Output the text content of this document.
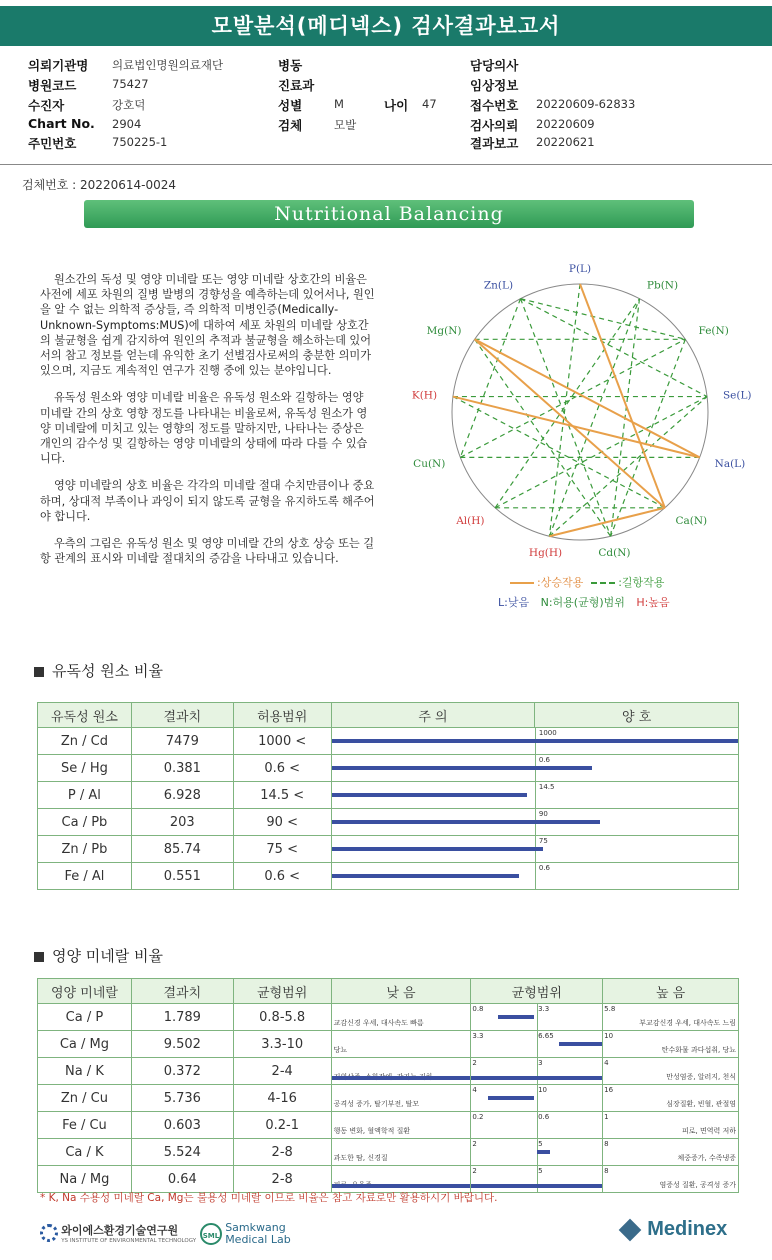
모발분석(메디넥스) 검사결과보고서
의뢰기관명 의료법인명원의료재단
병원코드	75427
수진자	강호덕
Chart No. 2904
주민번호	750225-1
병동
진료과
성별	M	나이 47
검체	모발
담당의사
임상정보
접수번호 20220609-62833
검사의뢰 20220609
결과보고 20220621
검체번호 : 20220614-0024
Nutritional Balancing

원소간의 독성 및 영양 미네랄 또는 영양 미네랄 상호간의 비율은 사전에 세포 차원의 질병 발병의 경향성을 예측하는데 있어서나, 원인을 알 수 없는 의학적 증상들, 즉 의학적 미병인증(Medically-Unknown-Symptoms:MUS)에 대하여 세포 차원의 미네랄 상호간의 불균형을 쉽게 감지하여 원인의 추적과 불균형을 해소하는데 있어서의 참고 정보를 얻는데 유익한 초기 선별검사로써의 충분한 의미가 있으며, 지금도 계속적인 연구가 진행 중에 있는 분야입니다.

유독성 원소와 영양 미네랄 비율은 유독성 원소와 길항하는 영양 미네랄 간의 상호 영향 정도를 나타내는 비율로써, 유독성 원소가 영양 미네랄에 미치고 있는 영향의 정도를 말하지만, 나타나는 증상은 개인의 감수성 및 길항하는 영양 미네랄의 상태에 따라 다를 수 있습니다.

영양 미네랄의 상호 비율은 각각의 미네랄 절대 수치만큼이나 중요하며, 상대적 부족이나 과잉이 되지 않도록 균형을 유지하도록 해주어야 합니다.

우측의 그림은 유독성 원소 및 영양 미네랄 간의 상호 상승 또는 길항 관계의 표시와 미네랄 절대치의 증감을 나타내고 있습니다.

P(L)
Pb(N)
Fe(N)
Se(L)
Na(L)
Ca(N)
Cd(N)
Hg(H)
Al(H)
Cu(N)
K(H)
Mg(N)
Zn(L)
:상승작용	:길항작용
L:낮음 N:허용(균형)범위 H:높음
유독성 원소 비율
유독성 원소	결과치	허용범위	주 의	양 호
Zn / Cd	7479	1000 <	1000	

Se / Hg	0.381	0.6 <	0.6	

P / Al	6.928	14.5 <	14.5	

Ca / Pb	203	90 <	90	

Zn / Pb	85.74	75 <	75	

Fe / Al	0.551	0.6 <	0.6	
영양 미네랄 비율
영양 미네랄	결과치	균형범위	낮 음	균형범위	높 음
Ca / P	1.789	0.8-5.8	교감신경 우세, 대사속도 빠름	0.8 3.3	5.8
부교감신경 우세, 대사속도 느림

Ca / Mg	9.502	3.3-10	당뇨	3.3 6.65	10
탄수화물 과다섭취, 당뇨

Na / K	0.372	2-4		2 3	4
만성염증, 알러지, 천식

Zn / Cu	5.736	4-16	공격성 증가, 탈기부전, 탈모	4 10	16
심장질환, 빈혈, 관절염

Fe / Cu	0.603	0.2-1	행동 변화, 혈액학적 질환	0.2 0.6	1
피로, 면역력 저하

Ca / K	5.524	2-8	과도한 땀, 신경질	2 5	8
체중증가, 수족냉증

Na / Mg	0.64	2-8		2 5	8
염증성 질환, 공격성 증가
* K, Na 수용성 미네랄 Ca, Mg는 불용성 미네랄 이므로 비율은 참고 자료로만 활용하시기 바랍니다.

와이에스환경기술연구원
YS INSTITUTE OF ENVIRONMENTAL TECHNOLOGY
SML
Samkwang
Medical Lab	Medinex
